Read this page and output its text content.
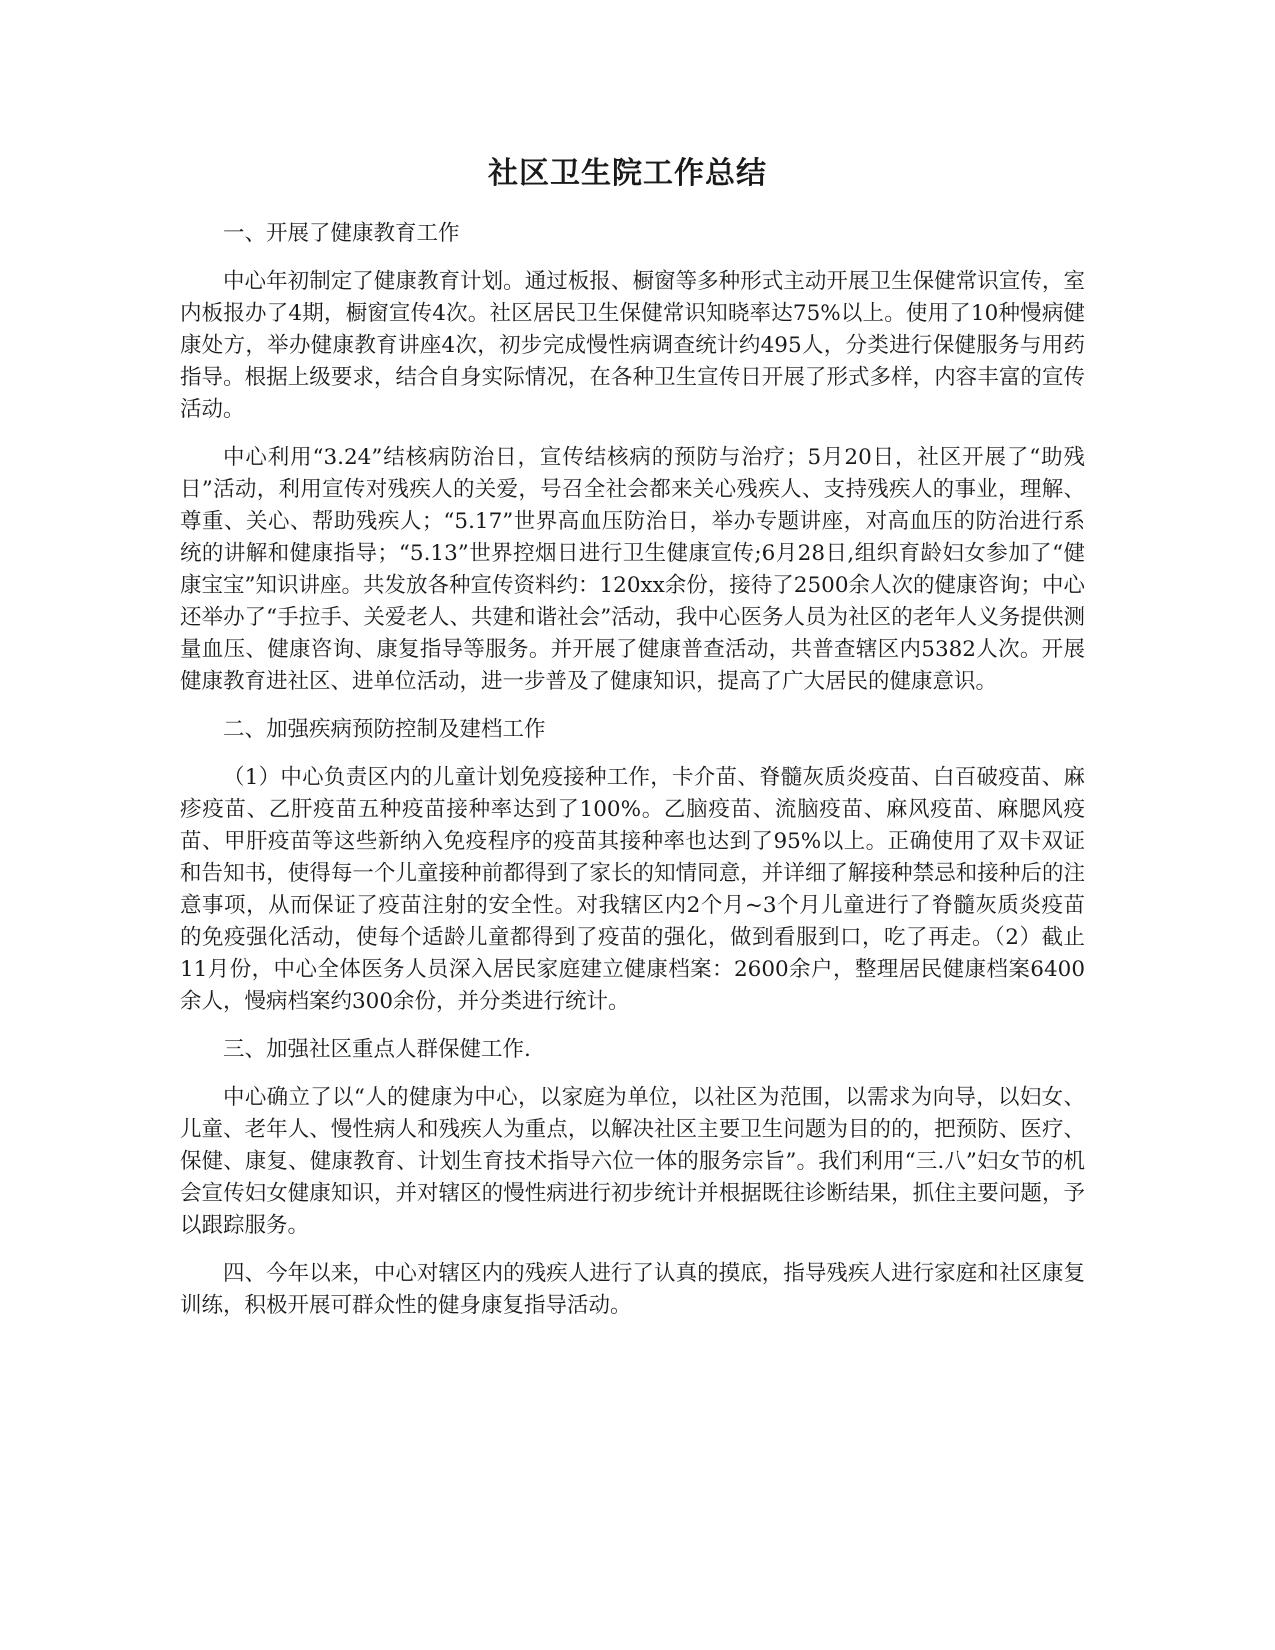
社区卫生院工作总结
一、开展了健康教育工作
中心年初制定了健康教育计划。通过板报、橱窗等多种形式主动开展卫生保健常识宣传，室内板报办了4期，橱窗宣传4次。社区居民卫生保健常识知晓率达75%以上。使用了10种慢病健康处方，举办健康教育讲座4次，初步完成慢性病调查统计约495人，分类进行保健服务与用药指导。根据上级要求，结合自身实际情况，在各种卫生宣传日开展了形式多样，内容丰富的宣传活动。
中心利用“3.24”结核病防治日，宣传结核病的预防与治疗；5月20日，社区开展了“助残日”活动，利用宣传对残疾人的关爱，号召全社会都来关心残疾人、支持残疾人的事业，理解、尊重、关心、帮助残疾人；“5.17”世界高血压防治日，举办专题讲座，对高血压的防治进行系统的讲解和健康指导；“5.13”世界控烟日进行卫生健康宣传;6月28日,组织育龄妇女参加了“健康宝宝”知识讲座。共发放各种宣传资料约：120xx余份，接待了2500余人次的健康咨询；中心还举办了“手拉手、关爱老人、共建和谐社会”活动，我中心医务人员为社区的老年人义务提供测量血压、健康咨询、康复指导等服务。并开展了健康普查活动，共普查辖区内5382人次。开展健康教育进社区、进单位活动，进一步普及了健康知识，提高了广大居民的健康意识。
二、加强疾病预防控制及建档工作
（1）中心负责区内的儿童计划免疫接种工作，卡介苗、脊髓灰质炎疫苗、白百破疫苗、麻疹疫苗、乙肝疫苗五种疫苗接种率达到了100%。乙脑疫苗、流脑疫苗、麻风疫苗、麻腮风疫苗、甲肝疫苗等这些新纳入免疫程序的疫苗其接种率也达到了95%以上。正确使用了双卡双证和告知书，使得每一个儿童接种前都得到了家长的知情同意，并详细了解接种禁忌和接种后的注意事项，从而保证了疫苗注射的安全性。对我辖区内2个月~3个月儿童进行了脊髓灰质炎疫苗的免疫强化活动，使每个适龄儿童都得到了疫苗的强化，做到看服到口，吃了再走。（2）截止11月份，中心全体医务人员深入居民家庭建立健康档案：2600余户，整理居民健康档案6400余人，慢病档案约300余份，并分类进行统计。
三、加强社区重点人群保健工作.
中心确立了以“人的健康为中心，以家庭为单位，以社区为范围，以需求为向导，以妇女、儿童、老年人、慢性病人和残疾人为重点，以解决社区主要卫生问题为目的的，把预防、医疗、保健、康复、健康教育、计划生育技术指导六位一体的服务宗旨”。我们利用“三.八”妇女节的机会宣传妇女健康知识，并对辖区的慢性病进行初步统计并根据既往诊断结果，抓住主要问题，予以跟踪服务。
四、今年以来，中心对辖区内的残疾人进行了认真的摸底，指导残疾人进行家庭和社区康复训练，积极开展可群众性的健身康复指导活动。
